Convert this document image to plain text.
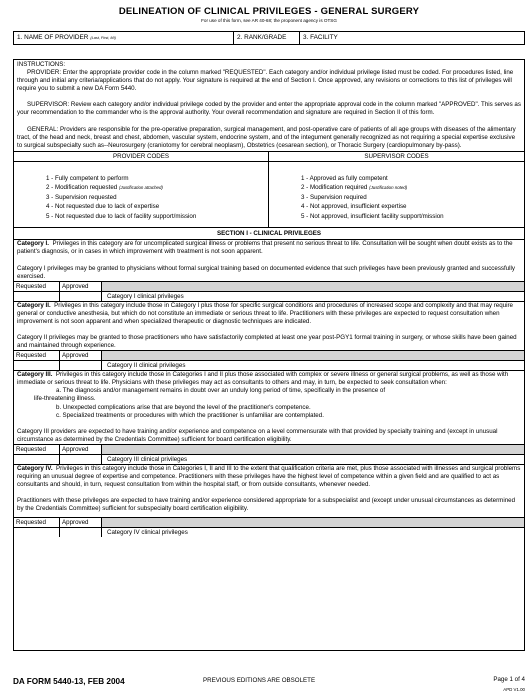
DELINEATION OF CLINICAL PRIVILEGES - GENERAL SURGERY
For use of this form, see AR 40-68; the proponent agency is OTSG
1. NAME OF PROVIDER (Last, First, MI)	2. RANK/GRADE	3. FACILITY

INSTRUCTIONS:

PROVIDER: Enter the appropriate provider code in the column marked "REQUESTED". Each category and/or individual privilege listed must be coded. For procedures listed, line through and initial any criteria/applications that do not apply. Your signature is required at the end of Section I. Once approved, any revisions or corrections to this list of privileges will require you to submit a new DA Form 5440.

SUPERVISOR: Review each category and/or individual privilege coded by the provider and enter the appropriate approval code in the column marked "APPROVED". This serves as your recommendation to the commander who is the approval authority. Your overall recommendation and signature are required in Section II of this form.

GENERAL: Providers are responsible for the pre-operative preparation, surgical management, and post-operative care of patients of all age groups with diseases of the alimentary tract, of the head and neck, breast and chest, abdomen, vascular system, endocrine system, and of the integument generally recognized as not requiring a special expertise exclusive to surgical subspecialty such as--Neurosurgery (craniotomy for cerebral neoplasm), Obstetrics (cesarean section), or Thoracic Surgery (cardiopulmonary by-pass).

PROVIDER CODES
1 - Fully competent to perform
2 - Modification requested (Justification attached)
3 - Supervision requested
4 - Not requested due to lack of expertise
5 - Not requested due to lack of facility support/mission
SUPERVISOR CODES
1 - Approved as fully competent
2 - Modification required (Justification noted)
3 - Supervision required
4 - Not approved, insufficient expertise
5 - Not approved, insufficient facility support/mission
SECTION I - CLINICAL PRIVILEGES

Category I. Privileges in this category are for uncomplicated surgical illness or problems that present no serious threat to life. Consultation will be sought when doubt exists as to the patient's diagnosis, or in cases in which improvement with treatment is not soon apparent.

Category I privileges may be granted to physicians without formal surgical training based on documented evidence that such privileges have been previously granted and successfully exercised.

Requested	Approved
Category I clinical privileges

Category II. Privileges in this category include those in Category I plus those for specific surgical conditions and procedures of increased scope and complexity and that may require general or conductive anesthesia, but which do not constitute an immediate or serious threat to life. Practitioners with these privileges are expected to request consultation when improvement is not soon apparent and when specialized therapeutic or diagnostic techniques are indicated.

Category II privileges may be granted to those practitioners who have satisfactorily completed at least one year post-PGY1 formal training in surgery, or whose skills have been gained and maintained through experience.

Requested	Approved
Category II clinical privileges

Category III. Privileges in this category include those in Categories I and II plus those associated with complex or severe illness or general surgical problems, as well as those with immediate or serious threat to life. Physicians with these privileges may act as consultants to others and may, in turn, be expected to seek consultation when:

a. The diagnosis and/or management remains in doubt over an unduly long period of time, specifically in the presence of

life-threatening illness.

b. Unexpected complications arise that are beyond the level of the practitioner's competence.

c. Specialized treatments or procedures with which the practitioner is unfamiliar are contemplated.

Category III providers are expected to have training and/or experience and competence on a level commensurate with that provided by specialty training and (except in unusual circumstance as determined by the Credentials Committee) sufficient for board certification eligibility.

Requested	Approved
Category III clinical privileges

Category IV. Privileges in this category include those in Categories I, II and III to the extent that qualification criteria are met, plus those associated with illnesses and surgical problems requiring an unusual degree of expertise and competence. Practitioners with these privileges have the highest level of competence within a given field and are qualified to act as consultants and should, in turn, request consultation from within the hospital staff, or from outside consultants, whenever needed.

Practitioners with these privileges are expected to have training and/or experience considered appropriate for a subspecialist and (except under unusual circumstances as determined by the Credentials Committee) sufficient for subspecialty board certification eligibility.

Requested	Approved
Category IV clinical privileges
DA FORM 5440-13, FEB 2004	PREVIOUS EDITIONS ARE OBSOLETE	Page 1 of 4
APD V1.00
